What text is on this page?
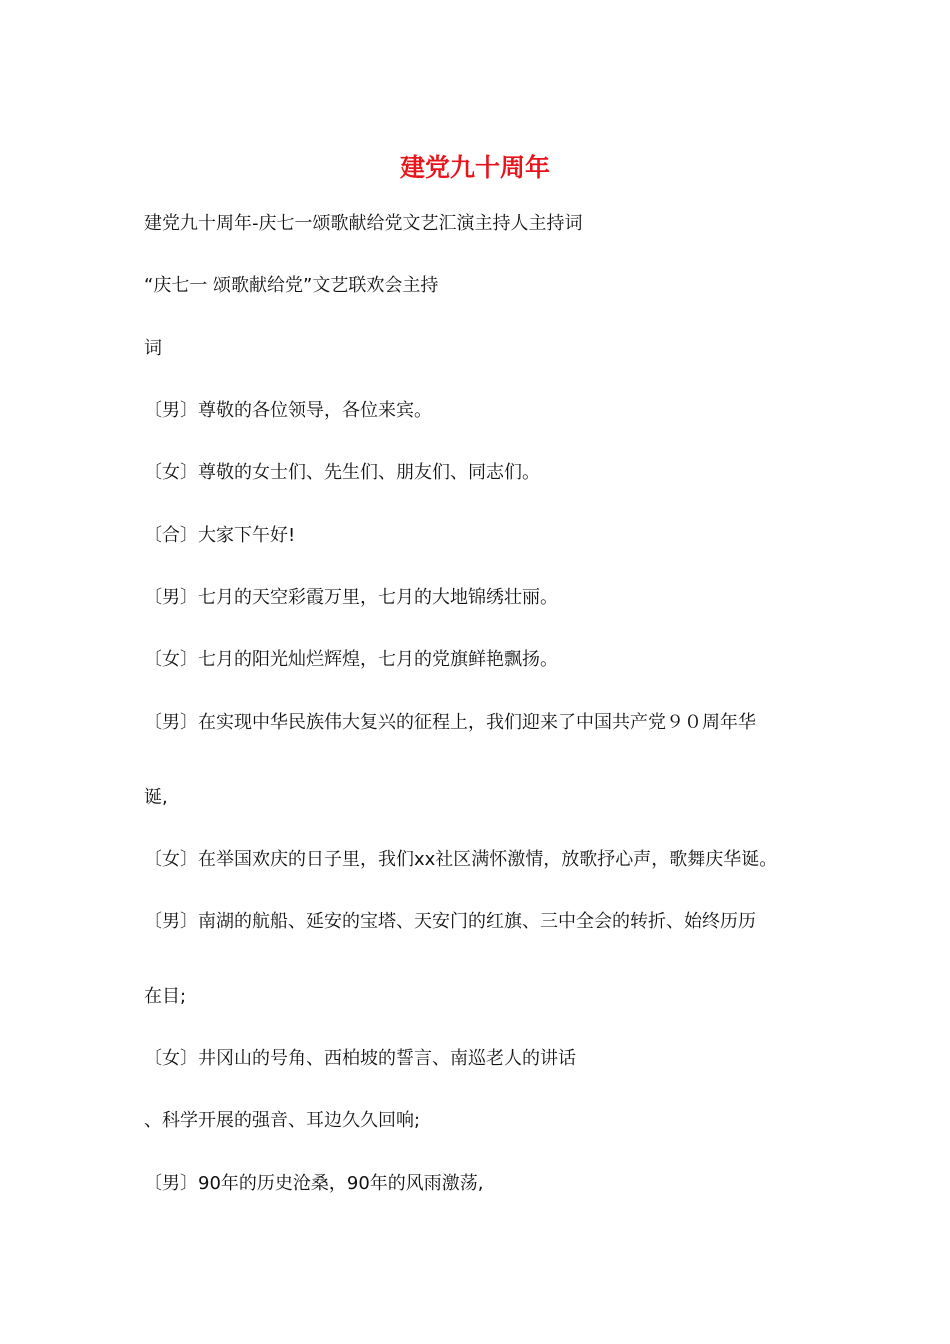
建党九十周年
建党九十周年-庆七一颂歌献给党文艺汇演主持人主持词
“庆七一 颂歌献给党”文艺联欢会主持
词
〔男〕尊敬的各位领导，各位来宾。
〔女〕尊敬的女士们、先生们、朋友们、同志们。
〔合〕大家下午好!
〔男〕七月的天空彩霞万里，七月的大地锦绣壮丽。
〔女〕七月的阳光灿烂辉煌，七月的党旗鲜艳飘扬。
〔男〕在实现中华民族伟大复兴的征程上，我们迎来了中国共产党９０周年华
诞,
〔女〕在举国欢庆的日子里，我们xx社区满怀激情，放歌抒心声，歌舞庆华诞。
〔男〕南湖的航船、延安的宝塔、天安门的红旗、三中全会的转折、始终历历
在目;
〔女〕井冈山的号角、西柏坡的誓言、南巡老人的讲话
、科学开展的强音、耳边久久回响;
〔男〕90年的历史沧桑，90年的风雨激荡,
